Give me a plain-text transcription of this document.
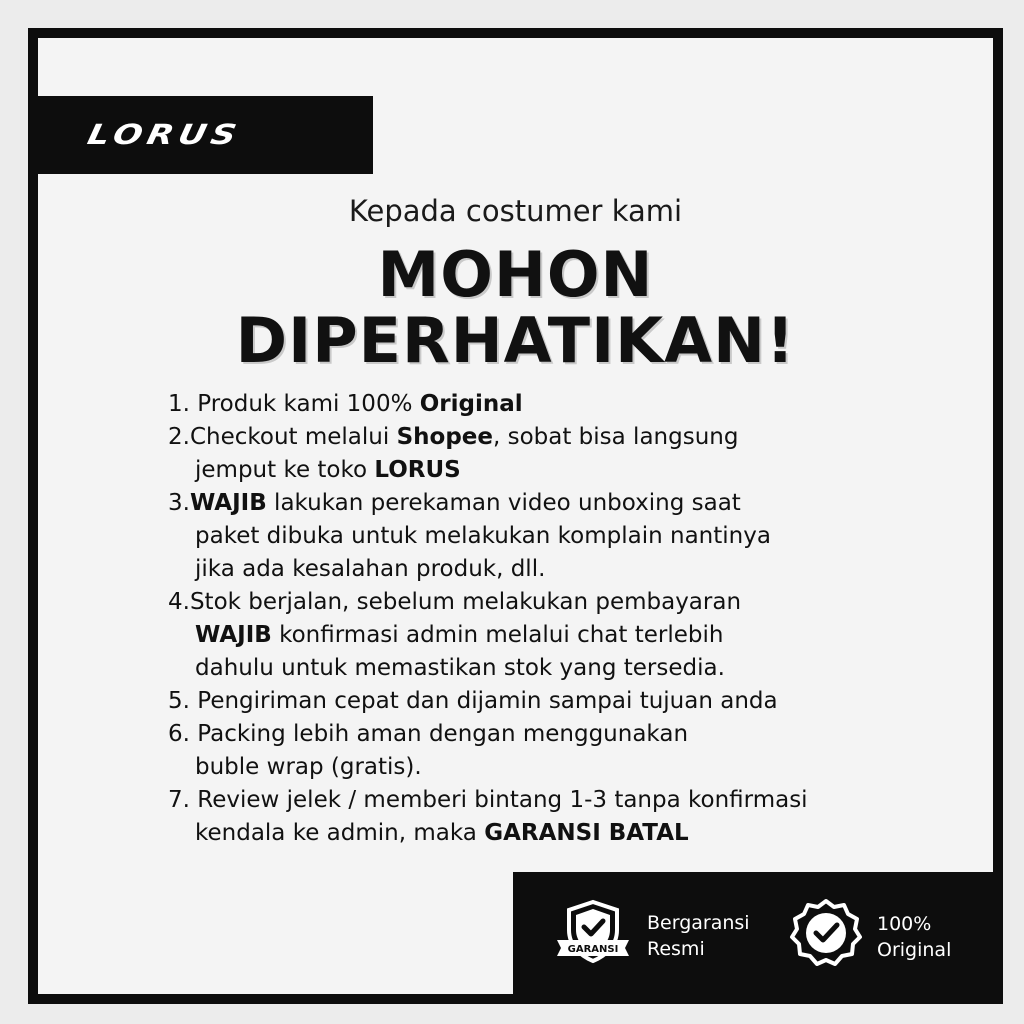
LORUS
Kepada costumer kami
MOHON
DIPERHATIKAN!
1. Produk kami 100% Original
2. Checkout melalui Shopee, sobat bisa langsung
jemput ke toko LORUS
3. WAJIB lakukan perekaman video unboxing saat
paket dibuka untuk melakukan komplain nantinya
jika ada kesalahan produk, dll.
4. Stok berjalan, sebelum melakukan pembayaran
WAJIB konfirmasi admin melalui chat terlebih
dahulu untuk memastikan stok yang tersedia.
5. Pengiriman cepat dan dijamin sampai tujuan anda
6. Packing lebih aman dengan menggunakan
buble wrap (gratis).
7. Review jelek / memberi bintang 1-3 tanpa konfirmasi
kendala ke admin, maka GARANSI BATAL
GARANSI
Bergaransi
Resmi
100%
Original
